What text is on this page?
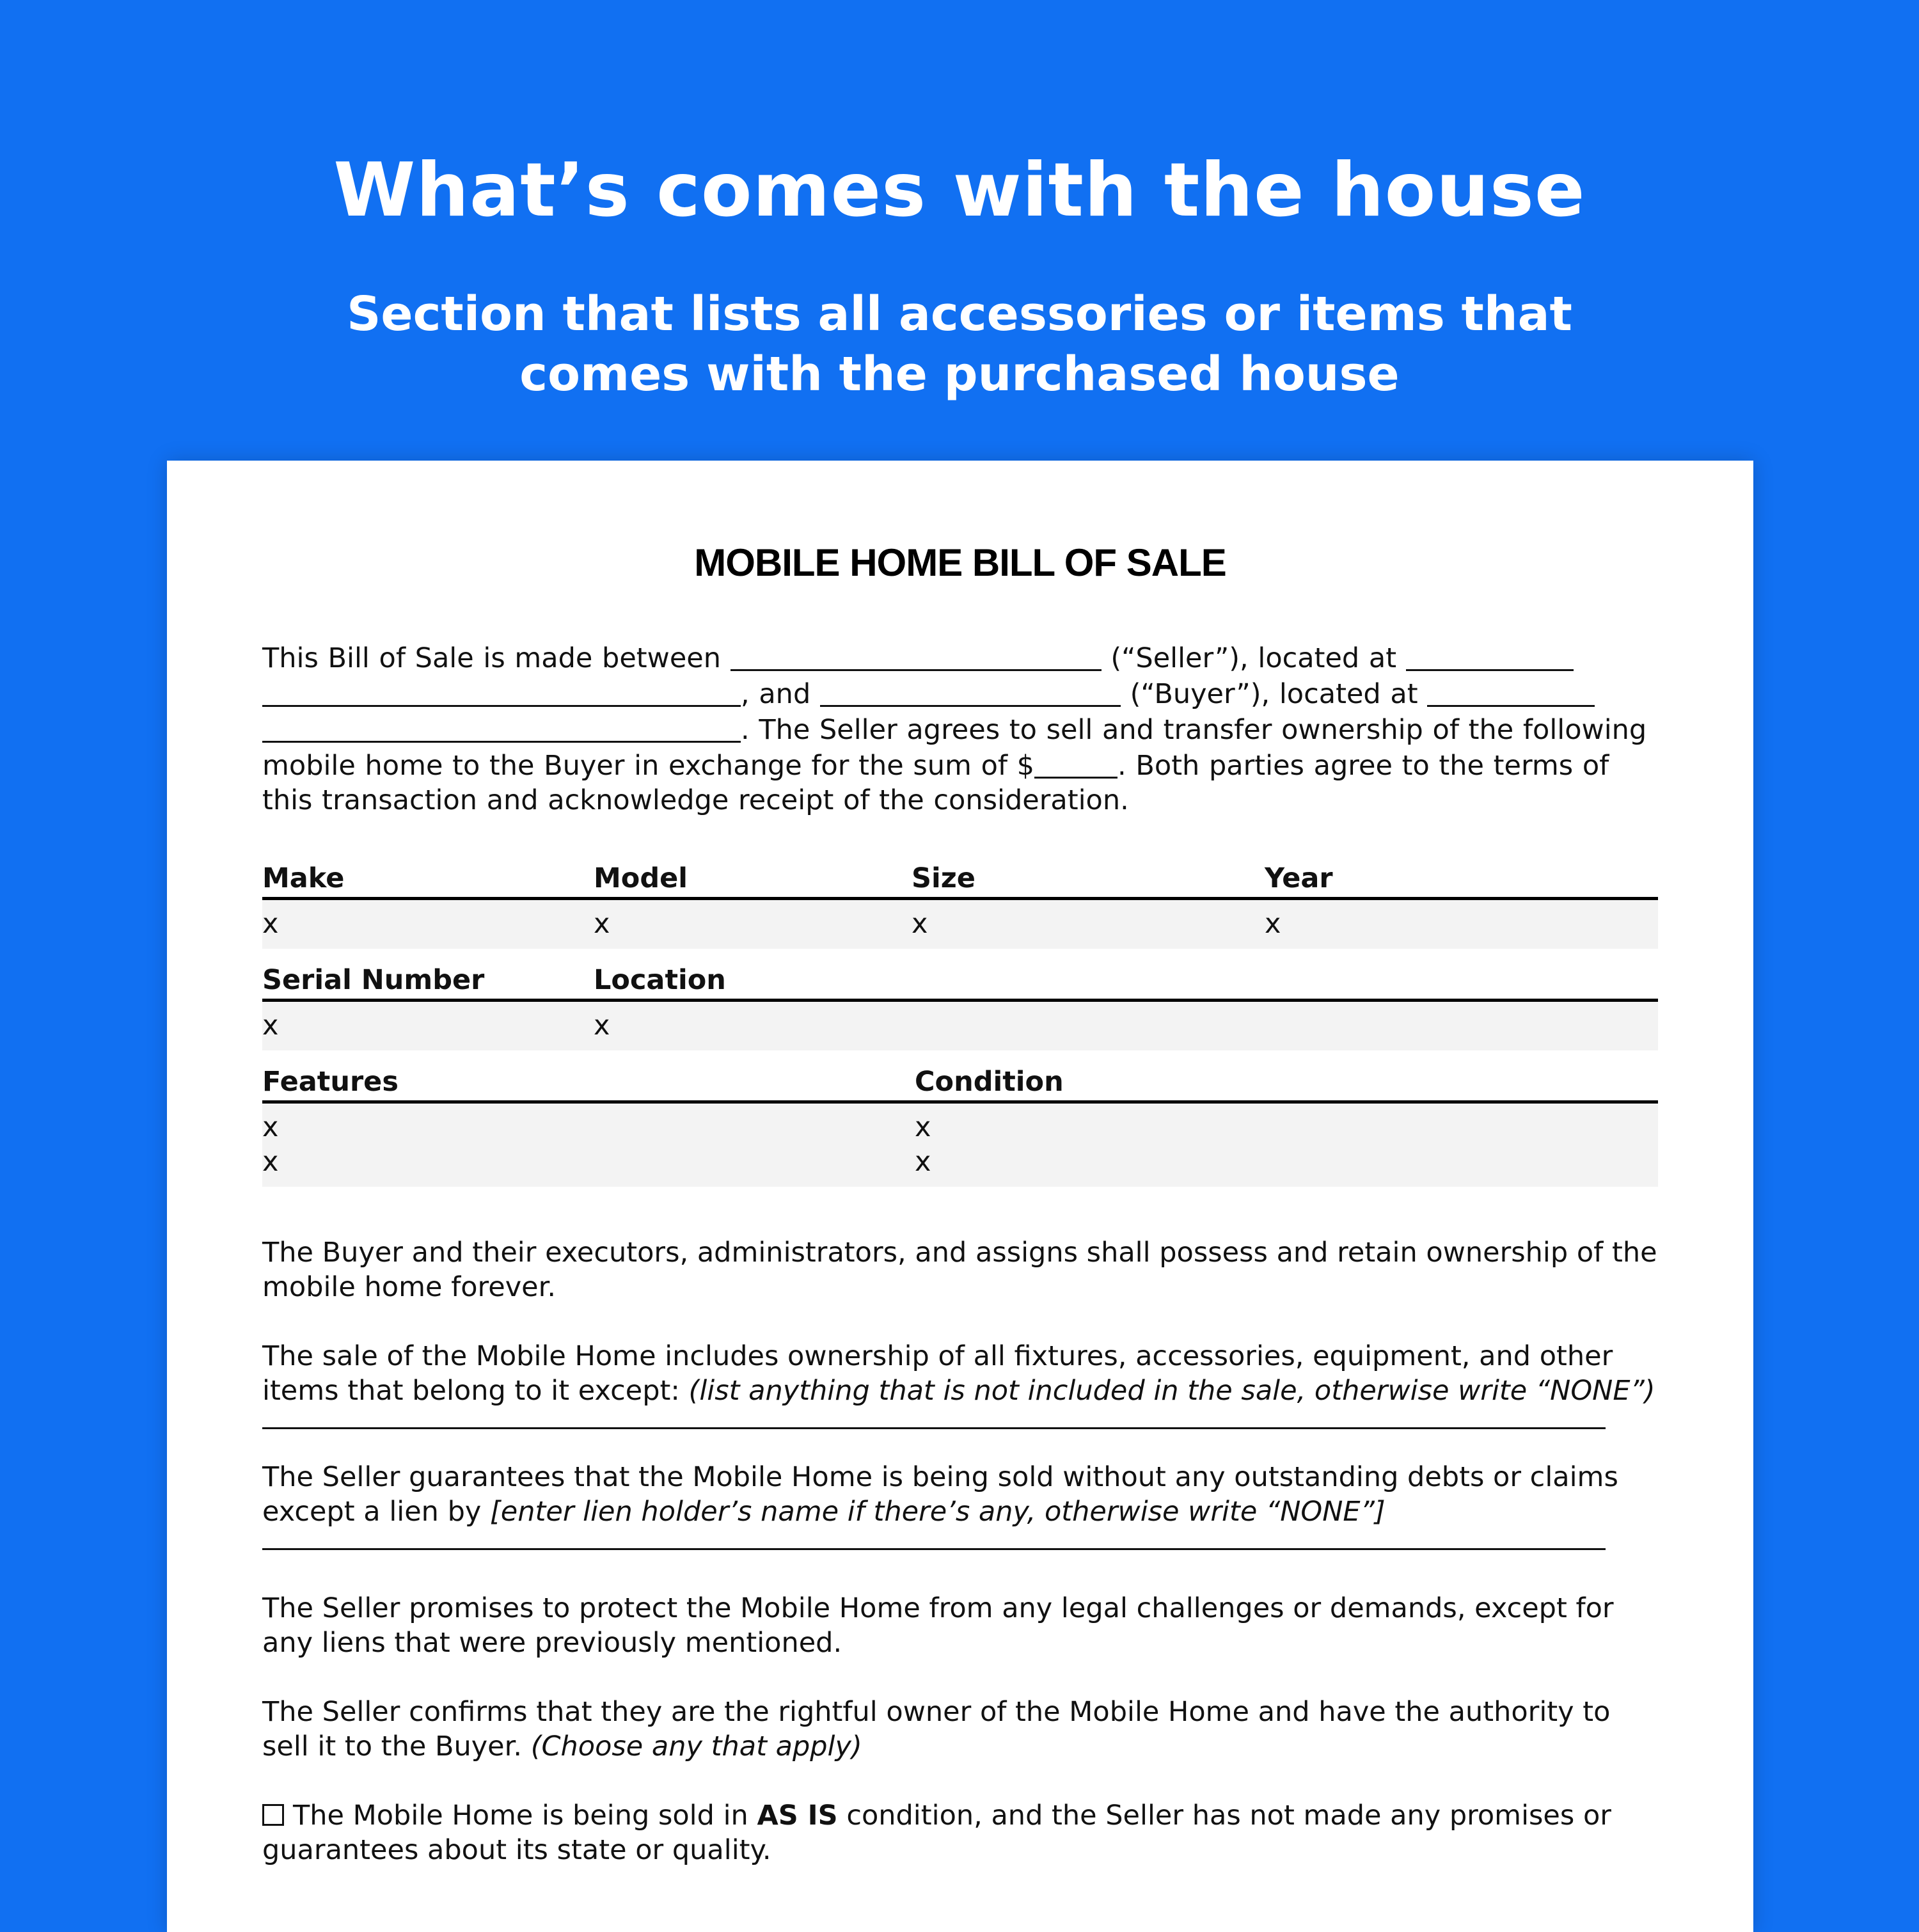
What’s comes with the house
Section that lists all accessories or items that comes with the purchased house
MOBILE HOME BILL OF SALE

This Bill of Sale is made between	(“Seller”), located at  , and	(“Buyer”), located at  . The Seller agrees to sell and transfer ownership of the following mobile home to the Buyer in exchange for the sum of $	. Both parties agree to the terms of this transaction and acknowledge receipt of the consideration.

Make	Model	Size	Year
x	x	x	x
Serial Number	Location
x	x
Features	Condition
x	x
x	x

The Buyer and their executors, administrators, and assigns shall possess and retain ownership of the mobile home forever.

The sale of the Mobile Home includes ownership of all fixtures, accessories, equipment, and other items that belong to it except: (list anything that is not included in the sale, otherwise write “NONE”)

The Seller guarantees that the Mobile Home is being sold without any outstanding debts or claims except a lien by [enter lien holder’s name if there’s any, otherwise write “NONE”]

The Seller promises to protect the Mobile Home from any legal challenges or demands, except for any liens that were previously mentioned.

The Seller confirms that they are the rightful owner of the Mobile Home and have the authority to sell it to the Buyer. (Choose any that apply)

The Mobile Home is being sold in AS IS condition, and the Seller has not made any promises or guarantees about its state or quality.
